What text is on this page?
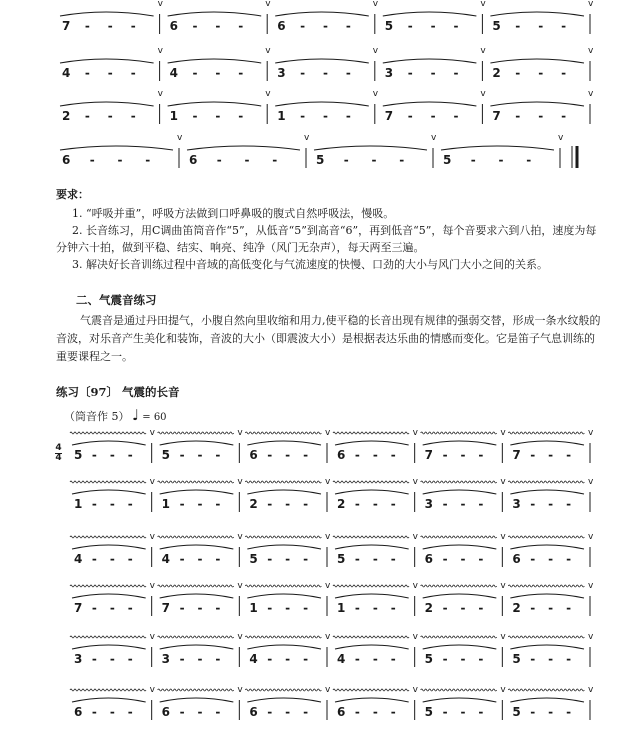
7 - - -
v
6 - - -
v
6 - - -
v
5 - - -
v
5 - - -
v
4 - - -
v
4 - - -
v
3 - - -
v
3 - - -
v
2 - - -
v
2 - - -
v
1 - - -
v
1 - - -
v
7 - - -
v
7 - - -
v
6 - - -
v
6 - - -
v
5 - - -
v
5 - - -
v
要求：

1. “呼吸并重”，呼吸方法做到口呼鼻吸的腹式自然呼吸法，慢吸。

2. 长音练习，用C调曲笛筒音作“5”，从低音“5”到高音“6”，再到低音“5”，每个音要求六到八拍，速度为每分钟六十拍，做到平稳、结实、响亮、纯净（风门无杂声），每天两至三遍。

3. 解决好长音训练过程中音域的高低变化与气流速度的快慢、口劲的大小与风门大小之间的关系。

二、气震音练习

气震音是通过丹田提气，小腹自然向里收缩和用力,使平稳的长音出现有规律的强弱交替，形成一条水纹般的音波，对乐音产生美化和装饰，音波的大小（即震波大小）是根据表达乐曲的情感而变化。它是笛子气息训练的重要课程之一。

练习〔97〕 气震的长音
（筒音作 5） ♩ = 60
4
4 5 - - -
v
5 - - -
v
6 - - -
v
6 - - -
v
7 - - -
v
7 - - -
v
1 - - -
v
1 - - -
v
2 - - -
v
2 - - -
v
3 - - -
v
3 - - -
v
4 - - -
v
4 - - -
v
5 - - -
v
5 - - -
v
6 - - -
v
6 - - -
v
7 - - -
v
7 - - -
v
1 - - -
v
1 - - -
v
2 - - -
v
2 - - -
v
3 - - -
v
3 - - -
v
4 - - -
v
4 - - -
v
5 - - -
v
5 - - -
v
6 - - -
v
6 - - -
v
6 - - -
v
6 - - -
v
5 - - -
v
5 - - -
v
